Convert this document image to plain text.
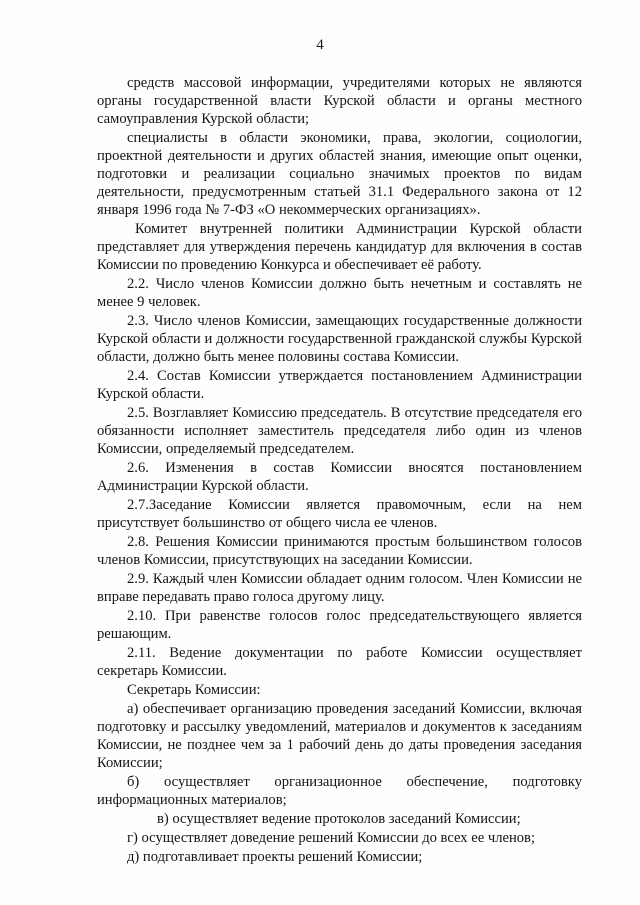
4

средств массовой информации, учредителями которых не являются органы государственной власти Курской области и органы местного самоуправления Курской области;

специалисты в области экономики, права, экологии, социологии, проектной деятельности и других областей знания, имеющие опыт оценки, подготовки и реализации социально значимых проектов по видам деятельности, предусмотренным статьей 31.1 Федерального закона от 12 января 1996 года № 7-ФЗ «О некоммерческих организациях».

Комитет внутренней политики Администрации Курской области представляет для утверждения перечень кандидатур для включения в состав Комиссии по проведению Конкурса и обеспечивает её работу.

2.2. Число членов Комиссии должно быть нечетным и составлять не менее 9 человек.

2.3. Число членов Комиссии, замещающих государственные должности Курской области и должности государственной гражданской службы Курской области, должно быть менее половины состава Комиссии.

2.4. Состав Комиссии утверждается постановлением Администрации Курской области.

2.5. Возглавляет Комиссию председатель. В отсутствие председателя его обязанности исполняет заместитель председателя либо один из членов Комиссии, определяемый председателем.

2.6. Изменения в состав Комиссии вносятся постановлением Администрации Курской области.

2.7.Заседание Комиссии является правомочным, если на нем присутствует большинство от общего числа ее членов.

2.8. Решения Комиссии принимаются простым большинством голосов членов Комиссии, присутствующих на заседании Комиссии.

2.9. Каждый член Комиссии обладает одним голосом. Член Комиссии не вправе передавать право голоса другому лицу.

2.10. При равенстве голосов голос председательствующего является решающим.

2.11. Ведение документации по работе Комиссии осуществляет секретарь Комиссии.

Секретарь Комиссии:

а) обеспечивает организацию проведения заседаний Комиссии, включая подготовку и рассылку уведомлений, материалов и документов к заседаниям Комиссии, не позднее чем за 1 рабочий день до даты проведения заседания Комиссии;

б) осуществляет организационное обеспечение, подготовку информационных материалов;

в) осуществляет ведение протоколов заседаний Комиссии;

г) осуществляет доведение решений Комиссии до всех ее членов;

д) подготавливает проекты решений Комиссии;
